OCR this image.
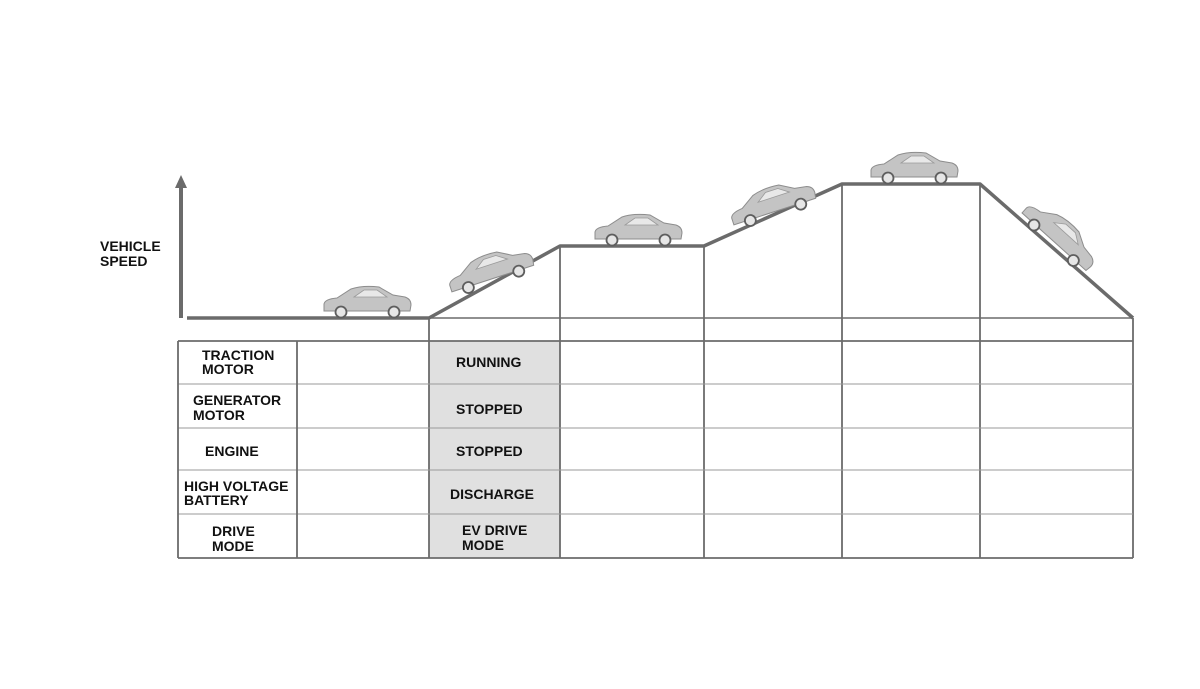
VEHICLE SPEED
TRACTION MOTOR
GENERATOR MOTOR
ENGINE
HIGH VOLTAGE BATTERY
DRIVE MODE
RUNNING
STOPPED
STOPPED
DISCHARGE
EV DRIVE MODE
